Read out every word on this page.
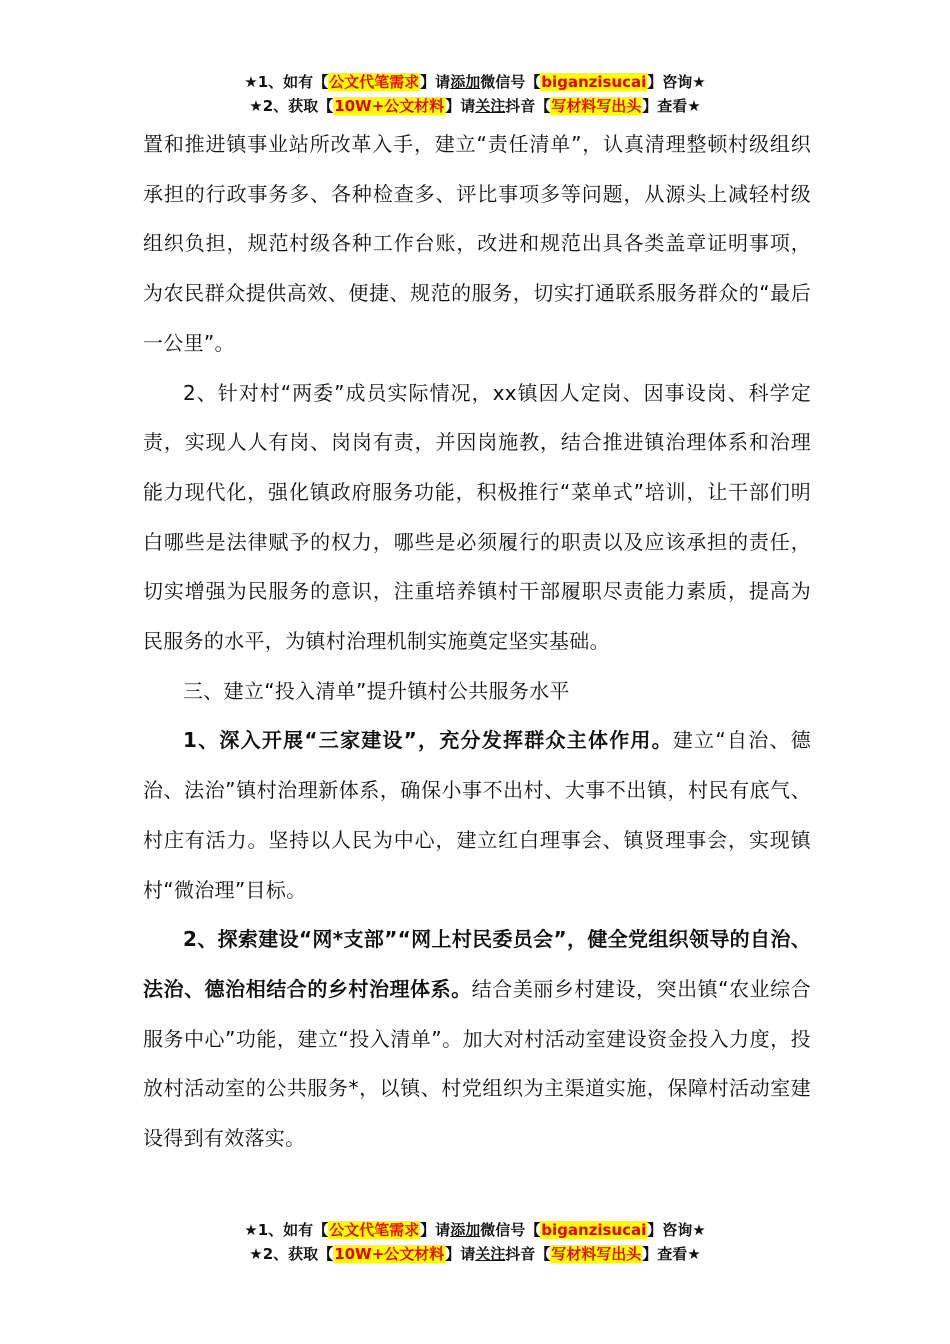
★1、如有【公文代笔需求】请添加微信号【biganzisucai】咨询★
★2、获取【10W+公文材料】请关注抖音【写材料写出头】查看★

置和推进镇事业站所改革入手，建立“责任清单”，认真清理整顿村级组织承担的行政事务多、各种检查多、评比事项多等问题，从源头上减轻村级组织负担，规范村级各种工作台账，改进和规范出具各类盖章证明事项，为农民群众提供高效、便捷、规范的服务，切实打通联系服务群众的“最后一公里”。

2、针对村“两委”成员实际情况，xx镇因人定岗、因事设岗、科学定责，实现人人有岗、岗岗有责，并因岗施教，结合推进镇治理体系和治理能力现代化，强化镇政府服务功能，积极推行“菜单式”培训，让干部们明白哪些是法律赋予的权力，哪些是必须履行的职责以及应该承担的责任，切实增强为民服务的意识，注重培养镇村干部履职尽责能力素质，提高为民服务的水平，为镇村治理机制实施奠定坚实基础。

三、建立“投入清单”提升镇村公共服务水平

1、深入开展“三家建设”，充分发挥群众主体作用。建立“自治、德治、法治”镇村治理新体系，确保小事不出村、大事不出镇，村民有底气、村庄有活力。坚持以人民为中心，建立红白理事会、镇贤理事会，实现镇村“微治理”目标。

2、探索建设“网*支部”“网上村民委员会”，健全党组织领导的自治、法治、德治相结合的乡村治理体系。结合美丽乡村建设，突出镇“农业综合服务中心”功能，建立“投入清单”。加大对村活动室建设资金投入力度，投放村活动室的公共服务*，以镇、村党组织为主渠道实施，保障村活动室建设得到有效落实。

★1、如有【公文代笔需求】请添加微信号【biganzisucai】咨询★
★2、获取【10W+公文材料】请关注抖音【写材料写出头】查看★
